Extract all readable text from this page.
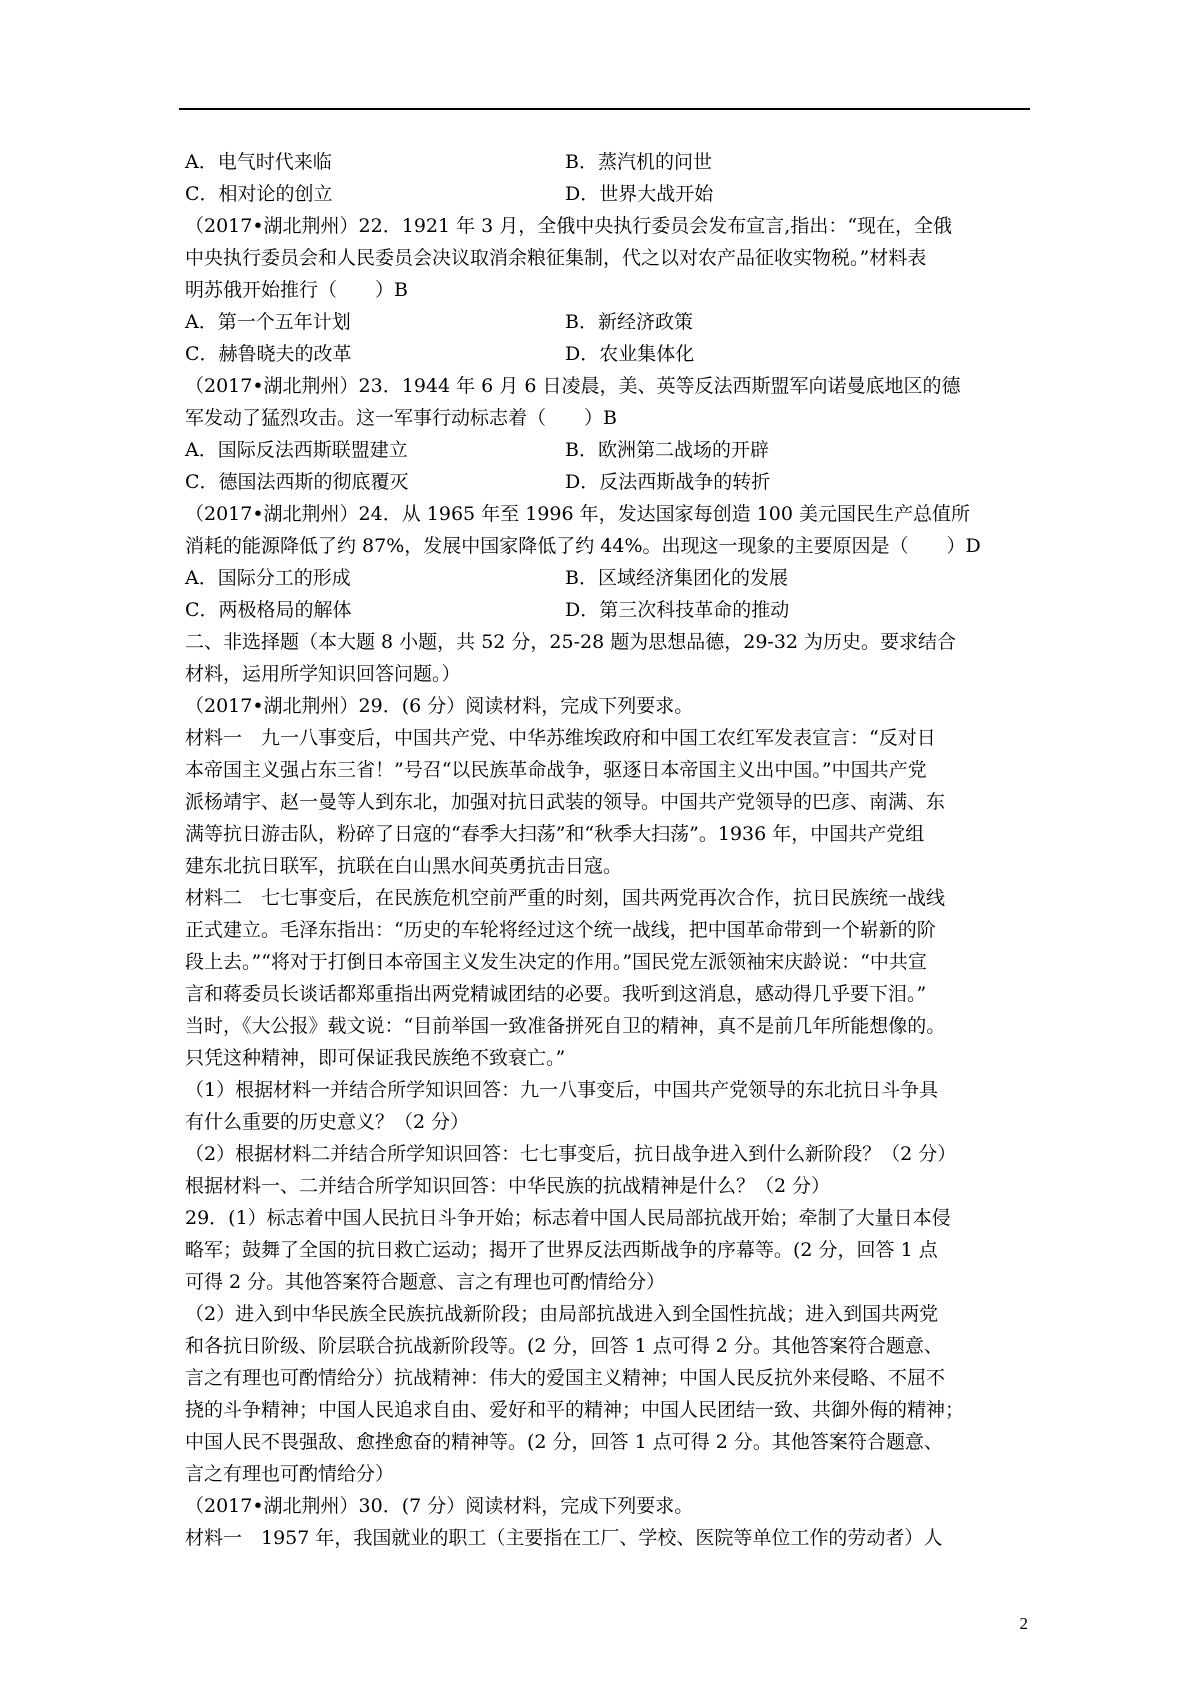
A．电气时代来临	B．蒸汽机的问世
C．相对论的创立	D．世界大战开始
（2017•湖北荆州）22．1921 年 3 月，全俄中央执行委员会发布宣言,指出：“现在，全俄
中央执行委员会和人民委员会决议取消余粮征集制，代之以对农产品征收实物税。”材料表
明苏俄开始推行（　　）B
A．第一个五年计划	B．新经济政策
C．赫鲁晓夫的改革	D．农业集体化
（2017•湖北荆州）23．1944 年 6 月 6 日凌晨，美、英等反法西斯盟军向诺曼底地区的德
军发动了猛烈攻击。这一军事行动标志着（　　）B
A．国际反法西斯联盟建立	B．欧洲第二战场的开辟
C．德国法西斯的彻底覆灭	D．反法西斯战争的转折
（2017•湖北荆州）24．从 1965 年至 1996 年，发达国家每创造 100 美元国民生产总值所
消耗的能源降低了约 87%，发展中国家降低了约 44%。出现这一现象的主要原因是（　　）D
A．国际分工的形成	B．区域经济集团化的发展
C．两极格局的解体	D．第三次科技革命的推动
二、非选择题（本大题 8 小题，共 52 分，25-28 题为思想品德，29-32 为历史。要求结合
材料，运用所学知识回答问题。）
（2017•湖北荆州）29．(6 分）阅读材料，完成下列要求。
材料一　九一八事变后，中国共产党、中华苏维埃政府和中国工农红军发表宣言：“反对日
本帝国主义强占东三省！”号召“以民族革命战争，驱逐日本帝国主义出中国。”中国共产党
派杨靖宇、赵一曼等人到东北，加强对抗日武装的领导。中国共产党领导的巴彦、南满、东
满等抗日游击队，粉碎了日寇的“春季大扫荡”和“秋季大扫荡”。1936 年，中国共产党组
建东北抗日联军，抗联在白山黑水间英勇抗击日寇。
材料二　七七事变后，在民族危机空前严重的时刻，国共两党再次合作，抗日民族统一战线
正式建立。毛泽东指出：“历史的车轮将经过这个统一战线，把中国革命带到一个崭新的阶
段上去。”“将对于打倒日本帝国主义发生决定的作用。”国民党左派领袖宋庆龄说：“中共宣
言和蒋委员长谈话都郑重指出两党精诚团结的必要。我听到这消息，感动得几乎要下泪。”
当时，《大公报》载文说：“目前举国一致准备拼死自卫的精神，真不是前几年所能想像的。
只凭这种精神，即可保证我民族绝不致衰亡。”
（1）根据材料一并结合所学知识回答：九一八事变后，中国共产党领导的东北抗日斗争具
有什么重要的历史意义？（2 分）
（2）根据材料二并结合所学知识回答：七七事变后，抗日战争进入到什么新阶段？（2 分）
根据材料一、二并结合所学知识回答：中华民族的抗战精神是什么？（2 分）
29．(1）标志着中国人民抗日斗争开始；标志着中国人民局部抗战开始；牵制了大量日本侵
略军；鼓舞了全国的抗日救亡运动；揭开了世界反法西斯战争的序幕等。(2 分，回答 1 点
可得 2 分。其他答案符合题意、言之有理也可酌情给分）
（2）进入到中华民族全民族抗战新阶段；由局部抗战进入到全国性抗战；进入到国共两党
和各抗日阶级、阶层联合抗战新阶段等。(2 分，回答 1 点可得 2 分。其他答案符合题意、
言之有理也可酌情给分）抗战精神：伟大的爱国主义精神；中国人民反抗外来侵略、不屈不
挠的斗争精神；中国人民追求自由、爱好和平的精神；中国人民团结一致、共御外侮的精神；
中国人民不畏强敌、愈挫愈奋的精神等。(2 分，回答 1 点可得 2 分。其他答案符合题意、
言之有理也可酌情给分）
（2017•湖北荆州）30．(7 分）阅读材料，完成下列要求。
材料一　1957 年，我国就业的职工（主要指在工厂、学校、医院等单位工作的劳动者）人
2
